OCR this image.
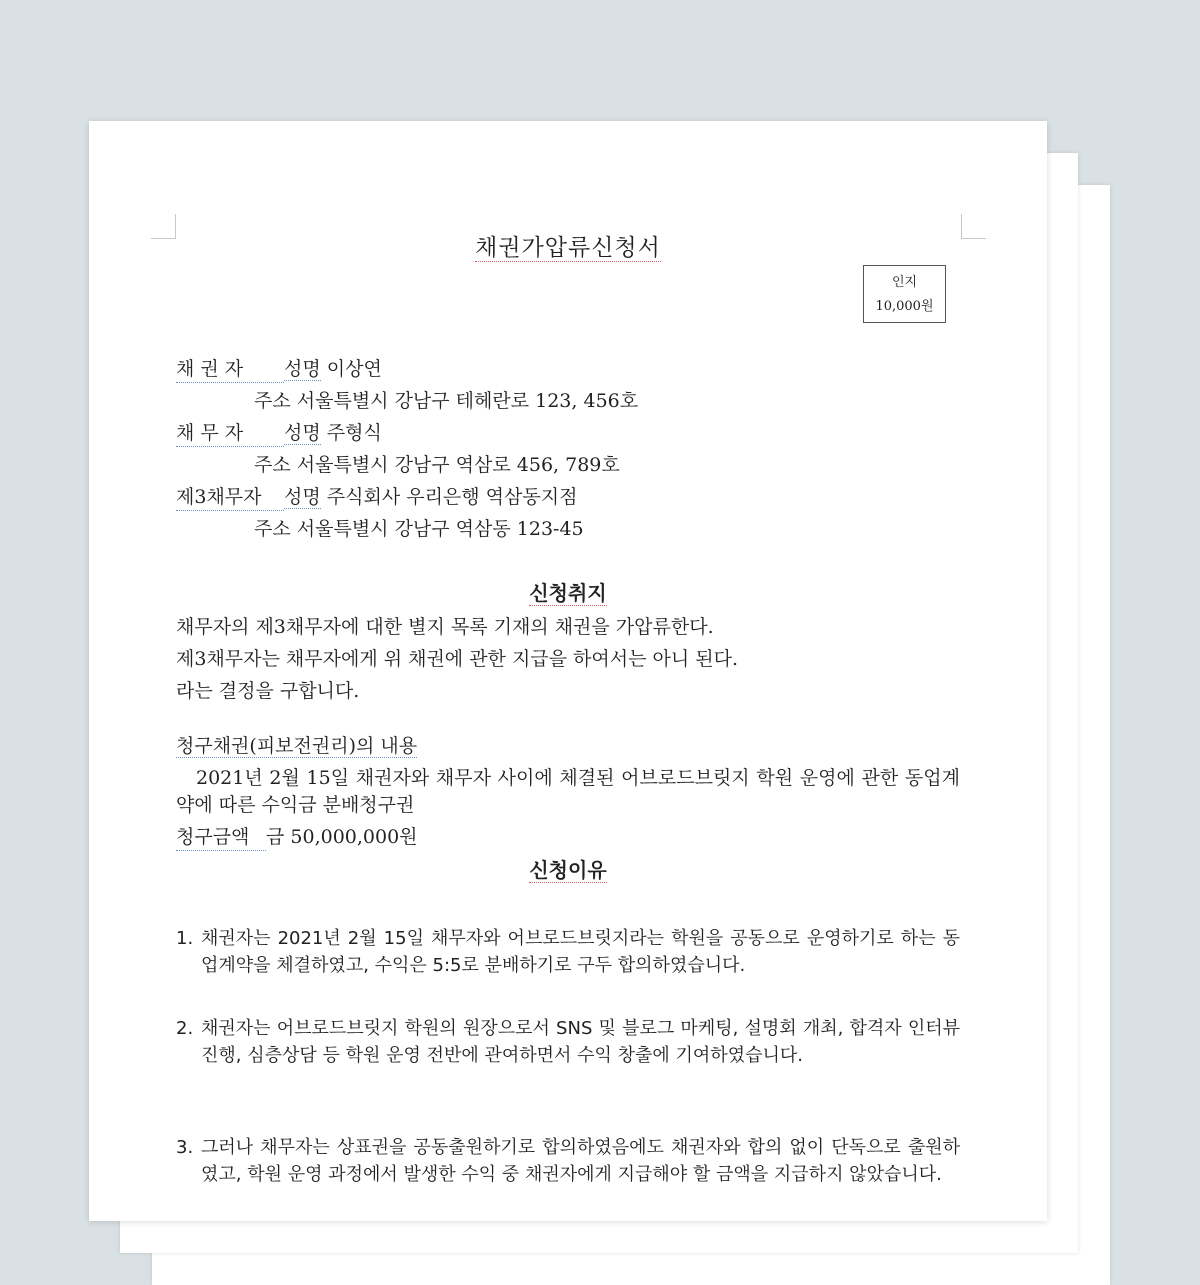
채권가압류신청서
인지
10,000원
채 권 자 성명 이상연
주소 서울특별시 강남구 테헤란로 123, 456호
채 무 자 성명 주형식
주소 서울특별시 강남구 역삼로 456, 789호
제3채무자 성명 주식회사 우리은행 역삼동지점
주소 서울특별시 강남구 역삼동 123-45
신청취지
채무자의 제3채무자에 대한 별지 목록 기재의 채권을 가압류한다.
제3채무자는 채무자에게 위 채권에 관한 지급을 하여서는 아니 된다.
라는 결정을 구합니다.
청구채권(피보전권리)의 내용
2021년 2월 15일 채권자와 채무자 사이에 체결된 어브로드브릿지 학원 운영에 관한 동업계약에 따른 수익금 분배청구권
청구금액 금 50,000,000원
신청이유
1. 채권자는 2021년 2월 15일 채무자와 어브로드브릿지라는 학원을 공동으로 운영하기로 하는 동업계약을 체결하였고, 수익은 5:5로 분배하기로 구두 합의하였습니다.
2. 채권자는 어브로드브릿지 학원의 원장으로서 SNS 및 블로그 마케팅, 설명회 개최, 합격자 인터뷰 진행, 심층상담 등 학원 운영 전반에 관여하면서 수익 창출에 기여하였습니다.
3. 그러나 채무자는 상표권을 공동출원하기로 합의하였음에도 채권자와 합의 없이 단독으로 출원하였고, 학원 운영 과정에서 발생한 수익 중 채권자에게 지급해야 할 금액을 지급하지 않았습니다.
